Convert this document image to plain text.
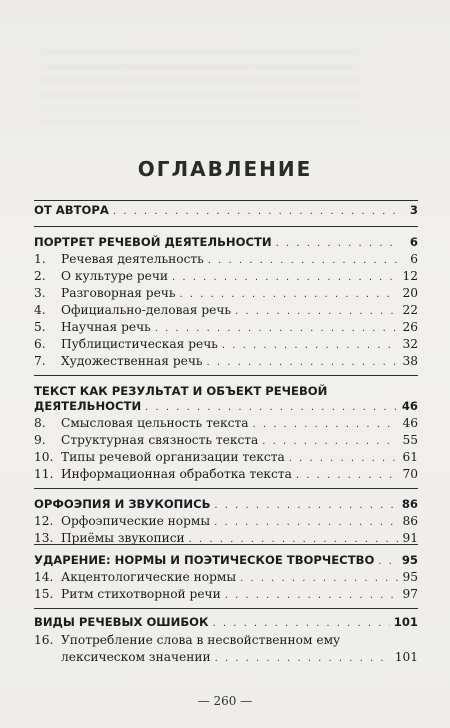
ОГЛАВЛЕНИЕ
ОТ АВТОРА . . .	3
ПОРТРЕТ РЕЧЕВОЙ ДЕЯТЕЛЬНОСТИ . . .	6
1.	Речевая деятельность . . .	6
2.	О культуре речи . . .	12
3.	Разговорная речь . . .	20
4.	Официально-деловая речь . . .	22
5.	Научная речь . . .	26
6.	Публицистическая речь . . .	32
7.	Художественная речь . . .	38
ТЕКСТ КАК РЕЗУЛЬТАТ И ОБЪЕКТ РЕЧЕВОЙ
ДЕЯТЕЛЬНОСТИ . . .	46
8.	Смысловая цельность текста . . .	46
9.	Структурная связность текста . . .	55
10. Типы речевой организации текста . . .	61
11. Информационная обработка текста . . .	70
ОРФОЭПИЯ И ЗВУКОПИСЬ . . .	86
12. Орфоэпические нормы . . .	86
13. Приёмы звукописи . . .	91
УДАРЕНИЕ: НОРМЫ И ПОЭТИЧЕСКОЕ ТВОРЧЕСТВО . . . 95
14. Акцентологические нормы . . .	95
15. Ритм стихотворной речи . . .	97
ВИДЫ РЕЧЕВЫХ ОШИБОК . . .	101
16. Употребление слова в несвойственном ему
лексическом значении . . .	101
— 260 —
